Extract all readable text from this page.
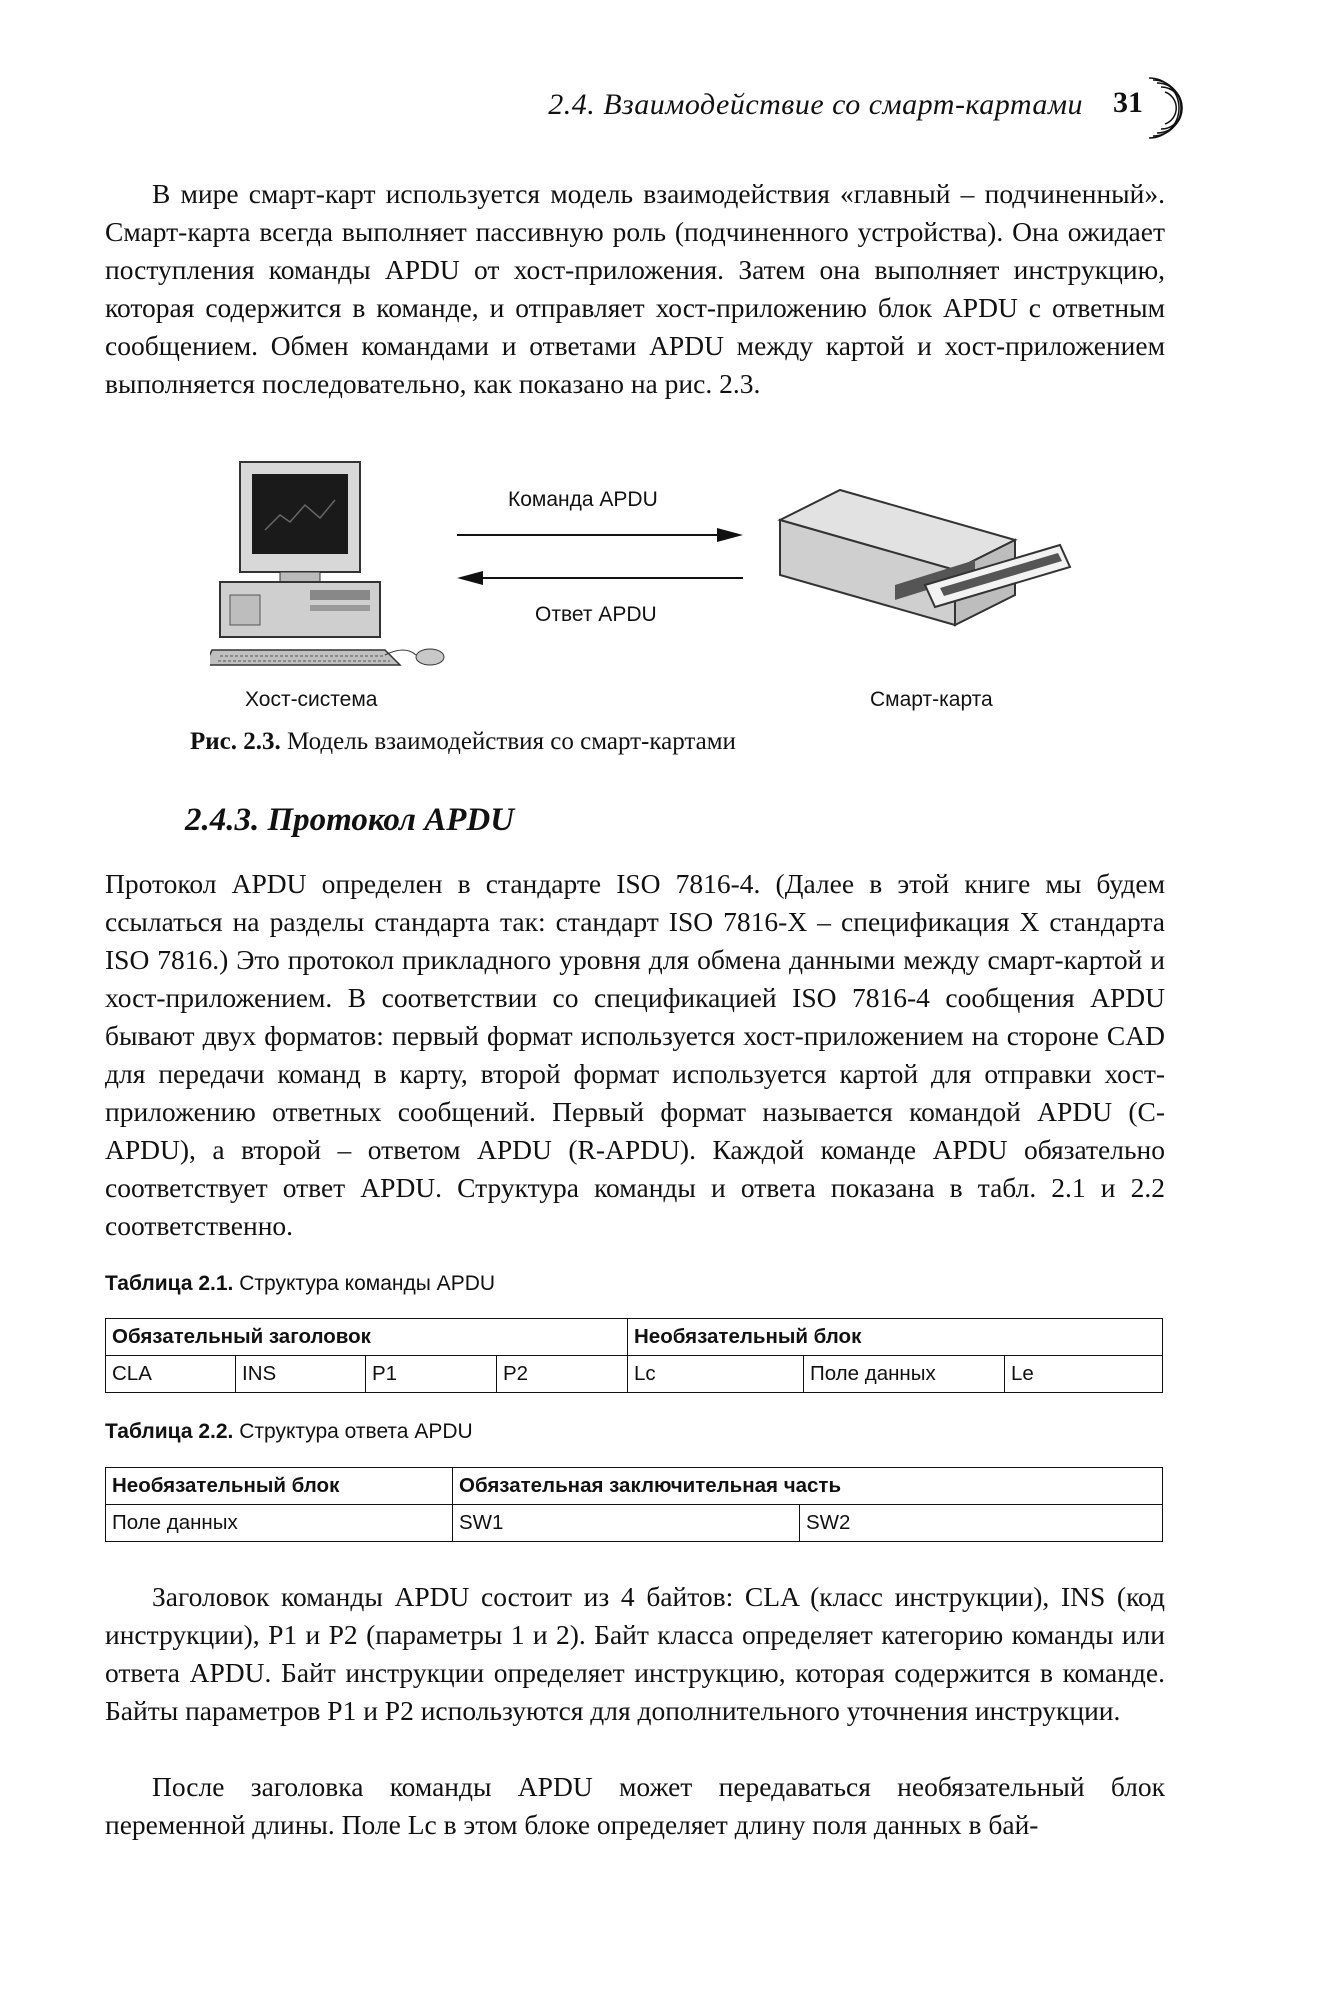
2.4. Взаимодействие со смарт-картами 31

В мире смарт-карт используется модель взаимодействия «главный – подчиненный». Смарт-карта всегда выполняет пассивную роль (подчиненного устройства). Она ожидает поступления команды APDU от хост-приложения. Затем она выполняет инструкцию, которая содержится в команде, и отправляет хост-приложению блок APDU с ответным сообщением. Обмен командами и ответами APDU между картой и хост-приложением выполняется последовательно, как показано на рис. 2.3.

Команда APDU
Ответ APDU
Хост-система	Смарт-карта
Рис. 2.3. Модель взаимодействия со смарт-картами
2.4.3. Протокол APDU

Протокол APDU определен в стандарте ISO 7816-4. (Далее в этой книге мы будем ссылаться на разделы стандарта так: стандарт ISO 7816-X – спецификация X стандарта ISO 7816.) Это протокол прикладного уровня для обмена данными между смарт-картой и хост-приложением. В соответствии со спецификацией ISO 7816-4 сообщения APDU бывают двух форматов: первый формат используется хост-приложением на стороне CAD для передачи команд в карту, второй формат используется картой для отправки хост-приложению ответных сообщений. Первый формат называется командой APDU (C-APDU), а второй – ответом APDU (R-APDU). Каждой команде APDU обязательно соответствует ответ APDU. Структура команды и ответа показана в табл. 2.1 и 2.2 соответственно.

Таблица 2.1. Структура команды APDU
Обязательный заголовок				Необязательный блок		
CLA	INS	P1	P2	Lc	Поле данных	Le
Таблица 2.2. Структура ответа APDU
Необязательный блок	Обязательная заключительная часть	
Поле данных	SW1	SW2

Заголовок команды APDU состоит из 4 байтов: CLA (класс инструкции), INS (код инструкции), P1 и P2 (параметры 1 и 2). Байт класса определяет категорию команды или ответа APDU. Байт инструкции определяет инструкцию, которая содержится в команде. Байты параметров P1 и P2 используются для дополнительного уточнения инструкции.

После заголовка команды APDU может передаваться необязательный блок переменной длины. Поле Lc в этом блоке определяет длину поля данных в бай-
